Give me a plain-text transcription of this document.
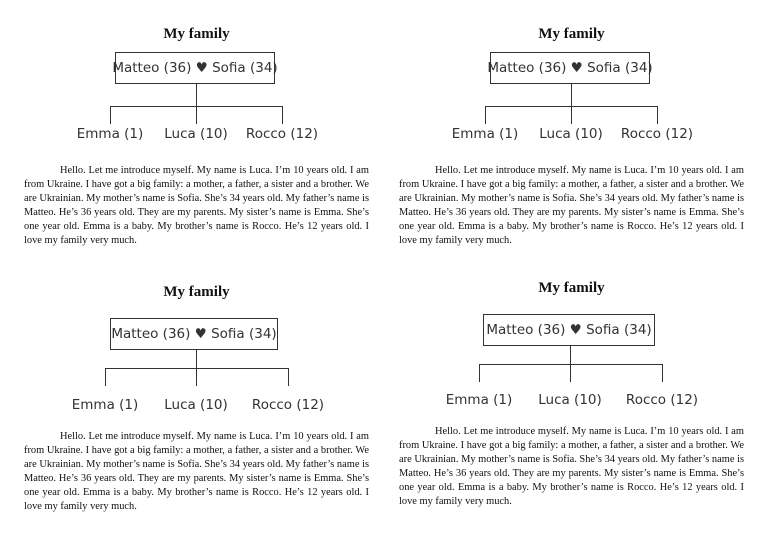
My family
Matteo (36) ♥ Sofia (34)
Emma (1) Luca (10) Rocco (12)

Hello. Let me introduce myself. My name is Luca. I’m 10 years old. I am from Ukraine. I have got a big family: a mother, a father, a sister and a brother. We are Ukrainian. My mother’s name is Sofia. She’s 34 years old. My father’s name is Matteo. He’s 36 years old. They are my parents. My sister’s name is Emma. She’s one year old. Emma is a baby. My brother’s name is Rocco. He’s 12 years old. I love my family very much.

My family
Matteo (36) ♥ Sofia (34)
Emma (1) Luca (10) Rocco (12)

Hello. Let me introduce myself. My name is Luca. I’m 10 years old. I am from Ukraine. I have got a big family: a mother, a father, a sister and a brother. We are Ukrainian. My mother’s name is Sofia. She’s 34 years old. My father’s name is Matteo. He’s 36 years old. They are my parents. My sister’s name is Emma. She’s one year old. Emma is a baby. My brother’s name is Rocco. He’s 12 years old. I love my family very much.

My family
Matteo (36) ♥ Sofia (34)
Emma (1) Luca (10) Rocco (12)

Hello. Let me introduce myself. My name is Luca. I’m 10 years old. I am from Ukraine. I have got a big family: a mother, a father, a sister and a brother. We are Ukrainian. My mother’s name is Sofia. She’s 34 years old. My father’s name is Matteo. He’s 36 years old. They are my parents. My sister’s name is Emma. She’s one year old. Emma is a baby. My brother’s name is Rocco. He’s 12 years old. I love my family very much.

My family
Matteo (36) ♥ Sofia (34)
Emma (1) Luca (10) Rocco (12)

Hello. Let me introduce myself. My name is Luca. I’m 10 years old. I am from Ukraine. I have got a big family: a mother, a father, a sister and a brother. We are Ukrainian. My mother’s name is Sofia. She’s 34 years old. My father’s name is Matteo. He’s 36 years old. They are my parents. My sister’s name is Emma. She’s one year old. Emma is a baby. My brother’s name is Rocco. He’s 12 years old. I love my family very much.
